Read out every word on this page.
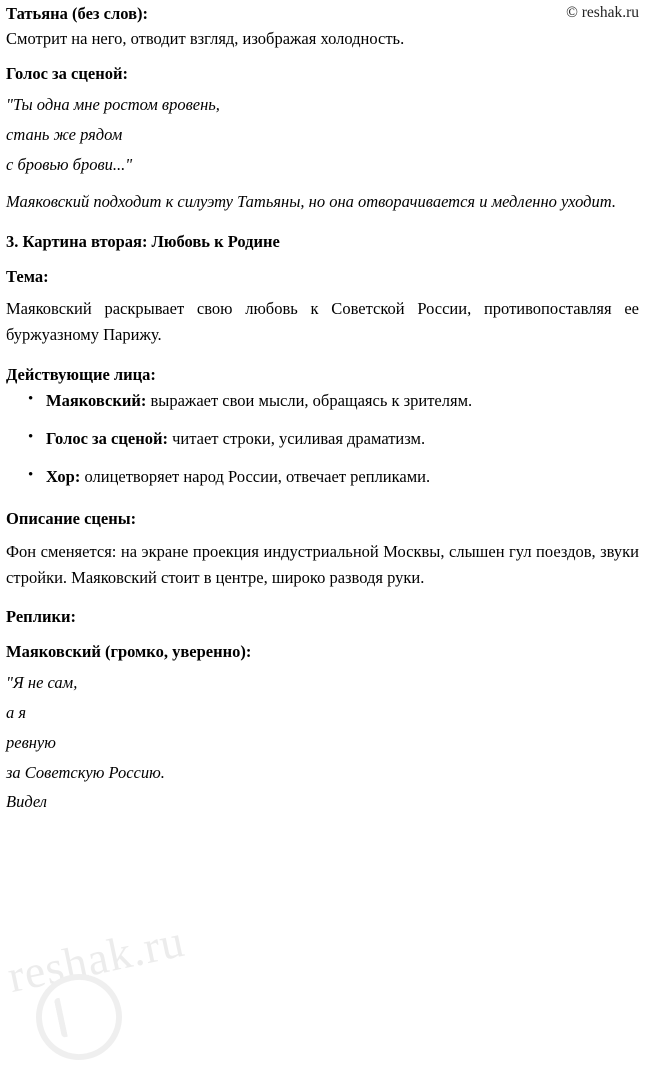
© reshak.ru
Татьяна (без слов):

Смотрит на него, отводит взгляд, изображая холодность.

Голос за сценой:

"Ты одна мне ростом вровень,

стань же рядом

с бровью брови..."

Маяковский подходит к силуэту Татьяны, но она отворачивается и медленно уходит.

3. Картина вторая: Любовь к Родине
Тема:

Маяковский раскрывает свою любовь к Советской России, противопоставляя ее буржуазному Парижу.

Действующие лица:
• Маяковский: выражает свои мысли, обращаясь к зрителям.
• Голос за сценой: читает строки, усиливая драматизм.
• Хор: олицетворяет народ России, отвечает репликами.
Описание сцены:

Фон сменяется: на экране проекция индустриальной Москвы, слышен гул поездов, звуки стройки. Маяковский стоит в центре, широко разводя руки.

Реплики:
Маяковский (громко, уверенно):

"Я не сам,

а я

ревную

за Советскую Россию.

Видел

reshak.ru
